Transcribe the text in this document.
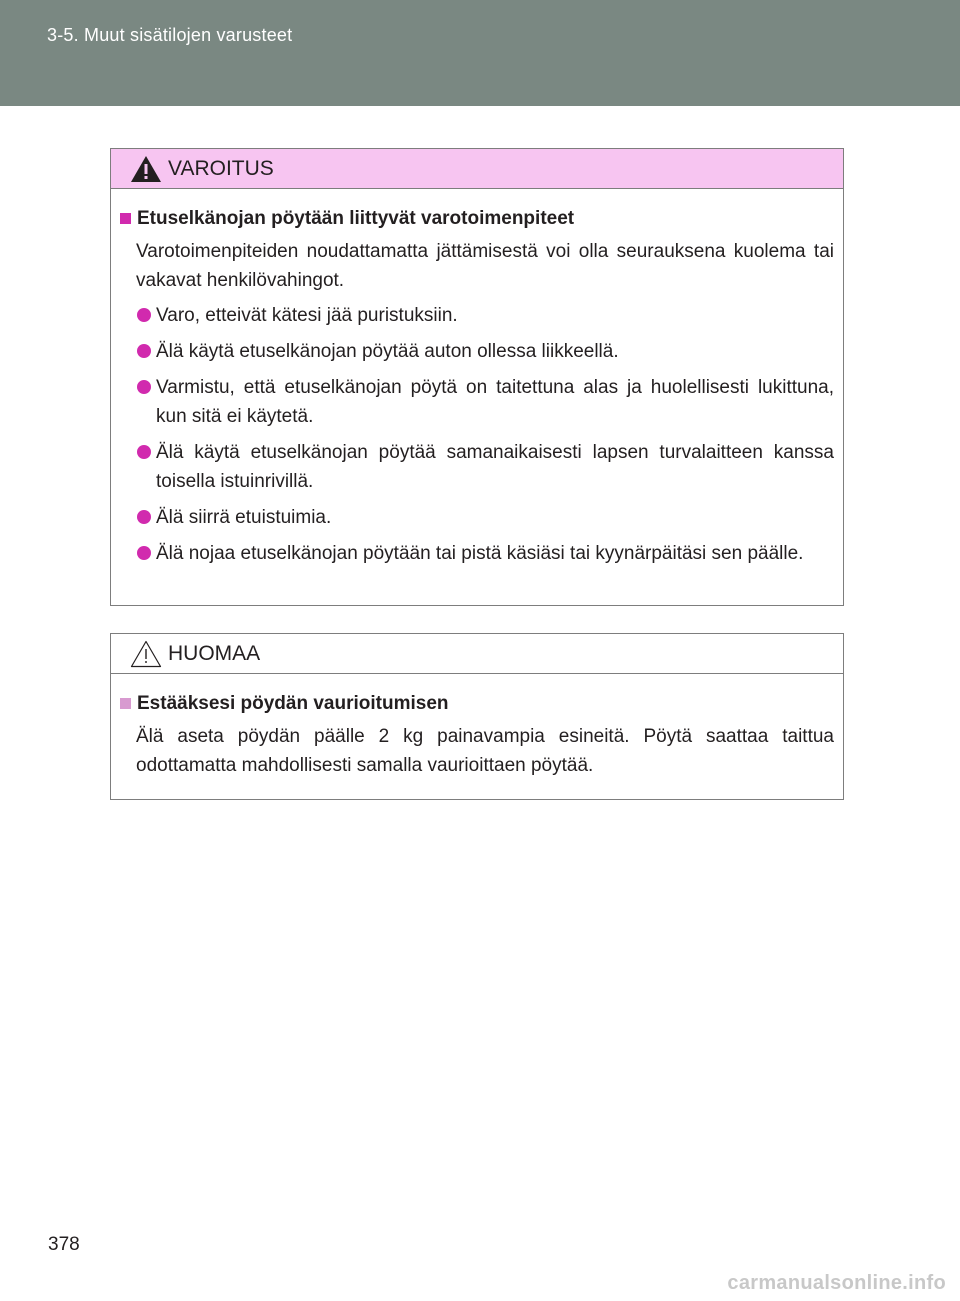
3-5. Muut sisätilojen varusteet
VAROITUS
Etuselkänojan pöytään liittyvät varotoimenpiteet
Varotoimenpiteiden noudattamatta jättämisestä voi olla seurauksena kuolema tai vakavat henkilövahingot.
Varo, etteivät kätesi jää puristuksiin.
Älä käytä etuselkänojan pöytää auton ollessa liikkeellä.
Varmistu, että etuselkänojan pöytä on taitettuna alas ja huolellisesti lukittuna, kun sitä ei käytetä.
Älä käytä etuselkänojan pöytää samanaikaisesti lapsen turvalaitteen kanssa toisella istuinrivillä.
Älä siirrä etuistuimia.
Älä nojaa etuselkänojan pöytään tai pistä käsiäsi tai kyynärpäitäsi sen päälle.
HUOMAA
Estääksesi pöydän vaurioitumisen
Älä aseta pöydän päälle 2 kg painavampia esineitä. Pöytä saattaa taittua odottamatta mahdollisesti samalla vaurioittaen pöytää.
378
carmanualsonline.info
